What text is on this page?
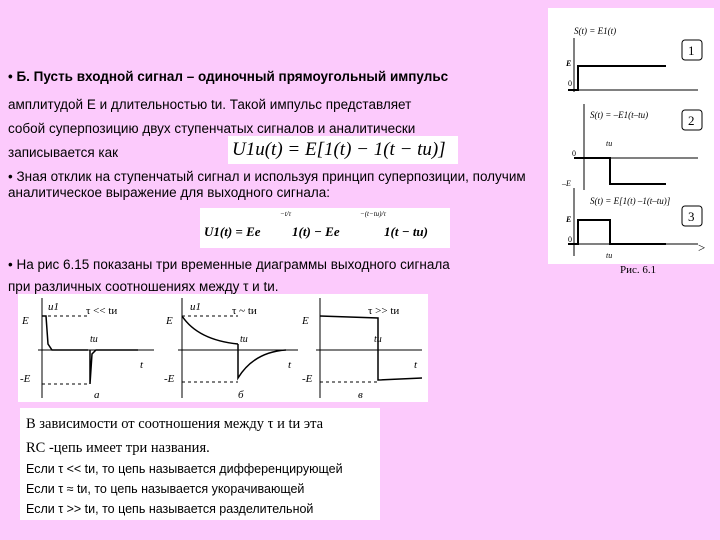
• Б. Пусть входной сигнал – одиночный прямоугольный импульс
амплитудой E и длительностью tи. Такой импульс представляет
собой суперпозицию двух ступенчатых сигналов и аналитически
записывается как	U1и(t) = E[1(t) − 1(t − tи)]
• Зная отклик на ступенчатый сигнал и используя принцип суперпозиции, получим
аналитическое выражение для выходного сигнала:
U1(t) = Ee
−t/τ
1(t) − Ee
−(t−tи)/τ
1(t − tи)
• На рис 6.15 показаны три временные диаграммы выходного сигнала
при различных соотношениях между τ и tи.
S(t) = E1(t)
E
0
1
S(t) = –E1(t–tи)
0
tи
–E
2
S(t) = E[1(t) –1(t–tи)]
E
0
tи
3
>
Рис. 6.1
u1
E
-E
τ << tи
tи
t
a
u1
E
-E
τ ~ tи
tи
t
б
E
-E
τ >> tи
tи
t
в
В зависимости от соотношения между τ и tи эта
RC -цепь имеет три названия.
Если τ << tи, то цепь называется дифференцирующей
Если τ ≈ tи, то цепь называется укорачивающей
Если τ >> tи, то цепь называется разделительной
